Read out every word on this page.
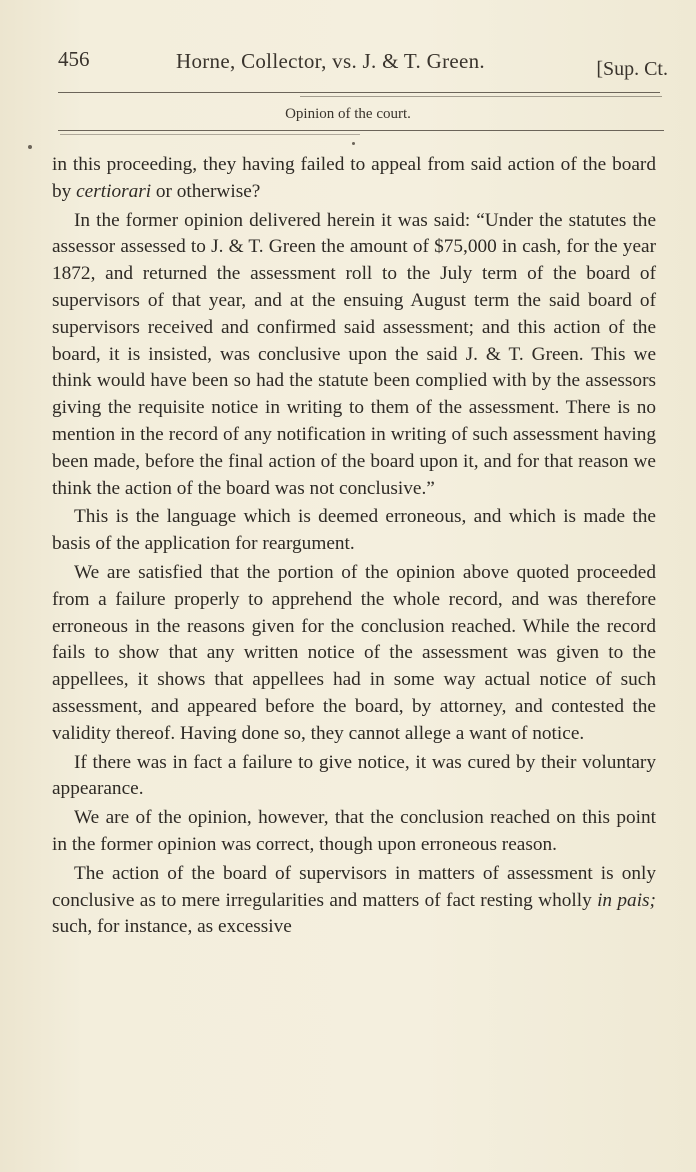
456	Horne, Collector, vs. J. & T. Green.	[Sup. Ct.
Opinion of the court.

in this proceeding, they having failed to appeal from said action of the board by certiorari or otherwise?

In the former opinion delivered herein it was said: “Under the statutes the assessor assessed to J. & T. Green the amount of $75,000 in cash, for the year 1872, and returned the assessment roll to the July term of the board of supervisors of that year, and at the ensuing August term the said board of supervisors received and confirmed said assessment; and this action of the board, it is insisted, was conclusive upon the said J. & T. Green. This we think would have been so had the statute been complied with by the assessors giving the requisite notice in writing to them of the assessment. There is no mention in the record of any notification in writing of such assessment having been made, before the final action of the board upon it, and for that reason we think the action of the board was not conclusive.”

This is the language which is deemed erroneous, and which is made the basis of the application for reargument.

We are satisfied that the portion of the opinion above quoted proceeded from a failure properly to apprehend the whole record, and was therefore erroneous in the reasons given for the conclusion reached. While the record fails to show that any written notice of the assessment was given to the appellees, it shows that appellees had in some way actual notice of such assessment, and appeared before the board, by attorney, and contested the validity thereof. Having done so, they cannot allege a want of notice.

If there was in fact a failure to give notice, it was cured by their voluntary appearance.

We are of the opinion, however, that the conclusion reached on this point in the former opinion was correct, though upon erroneous reason.

The action of the board of supervisors in matters of assessment is only conclusive as to mere irregularities and matters of fact resting wholly in pais; such, for instance, as excessive
